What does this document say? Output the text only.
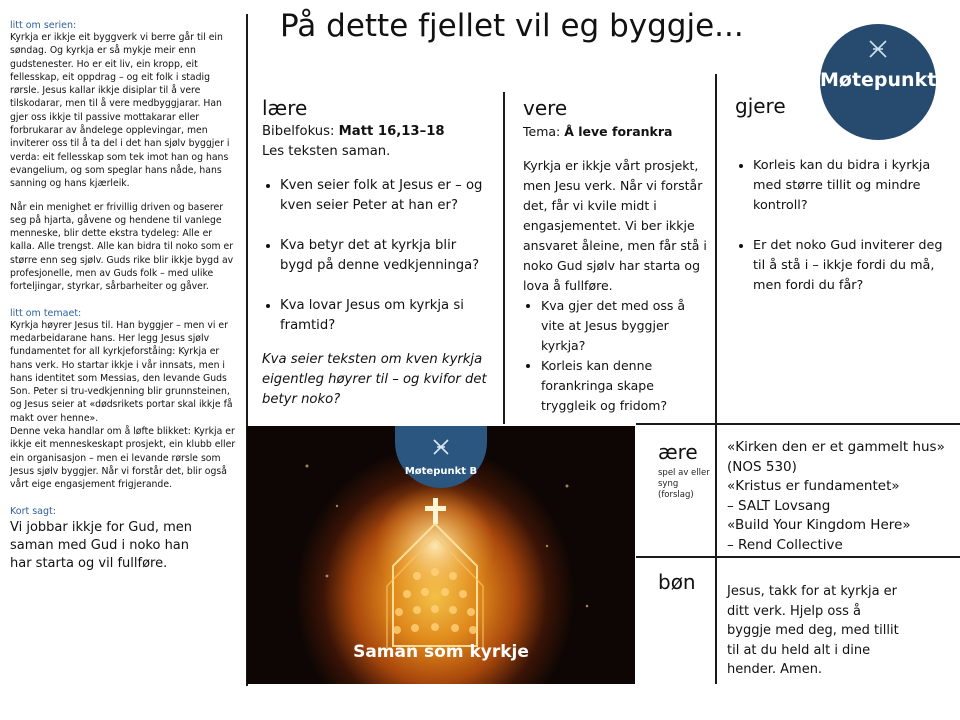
litt om serien:
Kyrkja er ikkje eit byggverk vi berre går til ein søndag. Og kyrkja er så mykje meir enn gudstenester. Ho er eit liv, ein kropp, eit fellesskap, eit oppdrag – og eit folk i stadig rørsle. Jesus kallar ikkje disiplar til å vere tilskodarar, men til å vere medbyggjarar. Han gjer oss ikkje til passive mottakarar eller forbrukarar av åndelege opplevingar, men inviterer oss til å ta del i det han sjølv byggjer i verda: eit fellesskap som tek imot han og hans evangelium, og som speglar hans nåde, hans sanning og hans kjærleik.
Når ein menighet er frivillig driven og baserer seg på hjarta, gåvene og hendene til vanlege menneske, blir dette ekstra tydeleg: Alle er kalla. Alle trengst. Alle kan bidra til noko som er større enn seg sjølv. Guds rike blir ikkje bygd av profesjonelle, men av Guds folk – med ulike forteljingar, styrkar, sårbarheiter og gåver.
litt om temaet:
Kyrkja høyrer Jesus til. Han byggjer – men vi er medarbeidarane hans. Her legg Jesus sjølv fundamentet for all kyrkjeforståing: Kyrkja er hans verk. Ho startar ikkje i vår innsats, men i hans identitet som Messias, den levande Guds Son. Peter si tru-vedkjenning blir grunnsteinen, og Jesus seier at «dødsrikets portar skal ikkje få makt over henne».
Denne veka handlar om å løfte blikket: Kyrkja er ikkje eit menneskeskapt prosjekt, ein klubb eller ein organisasjon – men ei levande rørsle som Jesus sjølv byggjer. Når vi forstår det, blir også vårt eige engasjement frigjerande.
Kort sagt:
Vi jobbar ikkje for Gud, men saman med Gud i noko han har starta og vil fullføre.
På dette fjellet vil eg byggje...
Møtepunkt B
lære
Bibelfokus: Matt 16,13–18
Les teksten saman.
• Kven seier folk at Jesus er – og kven seier Peter at han er?
• Kva betyr det at kyrkja blir bygd på denne vedkjenninga?
• Kva lovar Jesus om kyrkja si framtid?
Kva seier teksten om kven kyrkja eigentleg høyrer til – og kvifor det betyr noko?
vere
Tema: Å leve forankra
Kyrkja er ikkje vårt prosjekt, men Jesu verk. Når vi forstår det, får vi kvile midt i engasjementet. Vi ber ikkje ansvaret åleine, men får stå i noko Gud sjølv har starta og lova å fullføre.
• Kva gjer det med oss å vite at Jesus byggjer kyrkja?
• Korleis kan denne forankringa skape tryggleik og fridom?
gjere
• Korleis kan du bidra i kyrkja med større tillit og mindre kontroll?
• Er det noko Gud inviterer deg til å stå i – ikkje fordi du må, men fordi du får?
Møtepunkt B
Saman som kyrkje
ære
spel av eller syng (forslag)
«Kirken den er et gammelt hus»
(NOS 530)
«Kristus er fundamentet»
– SALT Lovsang
«Build Your Kingdom Here»
– Rend Collective
bøn Jesus, takk for at kyrkja er ditt verk. Hjelp oss å byggje med deg, med tillit til at du held alt i dine hender. Amen.
